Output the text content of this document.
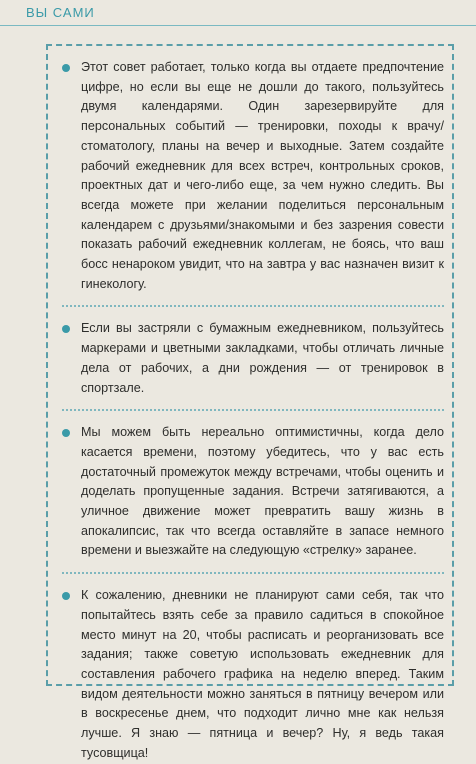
ВЫ САМИ
Этот совет работает, только когда вы отдаете предпочтение цифре, но если вы еще не дошли до такого, пользуйтесь двумя календарями. Один зарезервируйте для персональных событий — тренировки, походы к врачу/стоматологу, планы на вечер и выходные. Затем создайте рабочий ежедневник для всех встреч, контрольных сроков, проектных дат и чего-либо еще, за чем нужно следить. Вы всегда можете при желании поделиться персональным календарем с друзьями/знакомыми и без зазрения совести показать рабочий ежедневник коллегам, не боясь, что ваш босс ненароком увидит, что на завтра у вас назначен визит к гинекологу.
Если вы застряли с бумажным ежедневником, пользуйтесь маркерами и цветными закладками, чтобы отличать личные дела от рабочих, а дни рождения — от тренировок в спортзале.
Мы можем быть нереально оптимистичны, когда дело касается времени, поэтому убедитесь, что у вас есть достаточный промежуток между встречами, чтобы оценить и доделать пропущенные задания. Встречи затягиваются, а уличное движение может превратить вашу жизнь в апокалипсис, так что всегда оставляйте в запасе немного времени и выезжайте на следующую «стрелку» заранее.
К сожалению, дневники не планируют сами себя, так что попытайтесь взять себе за правило садиться в спокойное место минут на 20, чтобы расписать и реорганизовать все задания; также советую использовать ежедневник для составления рабочего графика на неделю вперед. Таким видом деятельности можно заняться в пятницу вечером или в воскресенье днем, что подходит лично мне как нельзя лучше. Я знаю — пятница и вечер? Ну, я ведь такая тусовщица!
